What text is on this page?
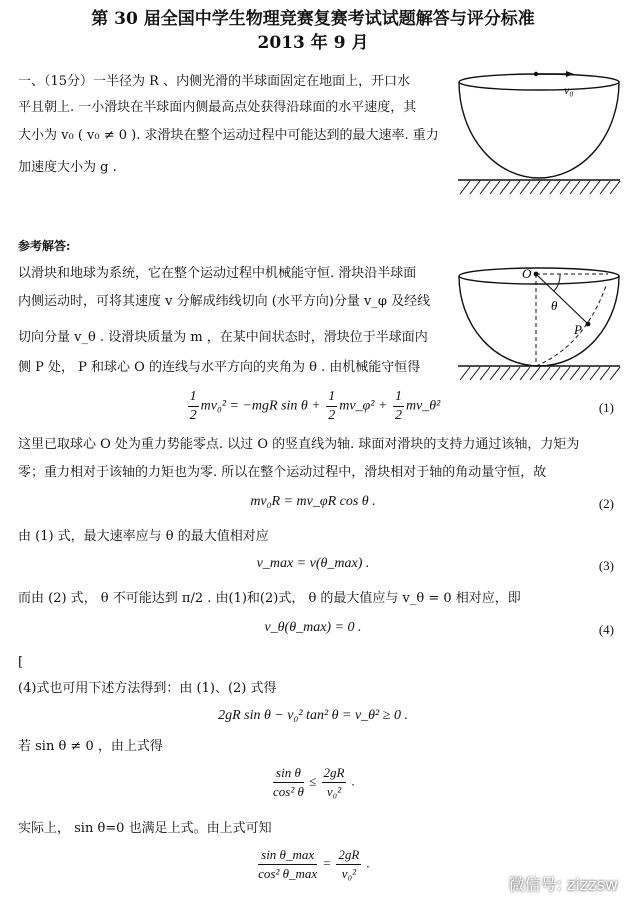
第 30 届全国中学生物理竞赛复赛考试试题解答与评分标准
2013 年 9 月
一、（15分）一半径为 R 、内侧光滑的半球面固定在地面上，开口水
平且朝上. 一小滑块在半球面内侧最高点处获得沿球面的水平速度，其
大小为 v₀ ( v₀ ≠ 0 ). 求滑块在整个运动过程中可能达到的最大速率. 重力
加速度大小为 g .
v₀
参考解答:
以滑块和地球为系统，它在整个运动过程中机械能守恒. 滑块沿半球面
内侧运动时，可将其速度 v 分解成纬线切向 (水平方向)分量 v_φ 及经线
切向分量 v_θ . 设滑块质量为 m ，在某中间状态时，滑块位于半球面内
侧 P 处， P 和球心 O 的连线与水平方向的夹角为 θ . 由机械能守恒得
O
θ
P
$\frac{1}{2} mv_0^2 = -mgR$ $\sin \theta + \frac{1}{2}$ mv_φ² + $\frac{1}{2}$ mv_θ²	(1)
这里已取球心 O 处为重力势能零点. 以过 O 的竖直线为轴. 球面对滑块的支持力通过该轴，力矩为
零；重力相对于该轴的力矩也为零. 所以在整个运动过程中，滑块相对于轴的角动量守恒，故
mv₀R = mv_φR cos θ .	(2)
由 (1) 式，最大速率应与 θ 的最大值相对应
v_max = v(θ_max) .	(3)
而由 (2) 式， θ 不可能达到 π/2 . 由(1)和(2)式， θ 的最大值应与 v_θ = 0 相对应，即
v_θ(θ_max) = 0 .	(4)
[
(4)式也可用下述方法得到：由 (1)、(2) 式得
2gR sin θ − v₀² tan² θ = v_θ² ≥ 0 .
若 sin θ ≠ 0 ，由上式得
$\frac{\text{sin θ}}{\text{cos² θ}} \le \frac{2gR}{\text{v₀²}}$ .
实际上， sin θ=0 也满足上式。由上式可知
$\frac{\text{sin θ\_max}}{\text{cos² θ\_max}} = \frac{2gR}{\text{v₀²}}$ .
微信号: zizzsw
